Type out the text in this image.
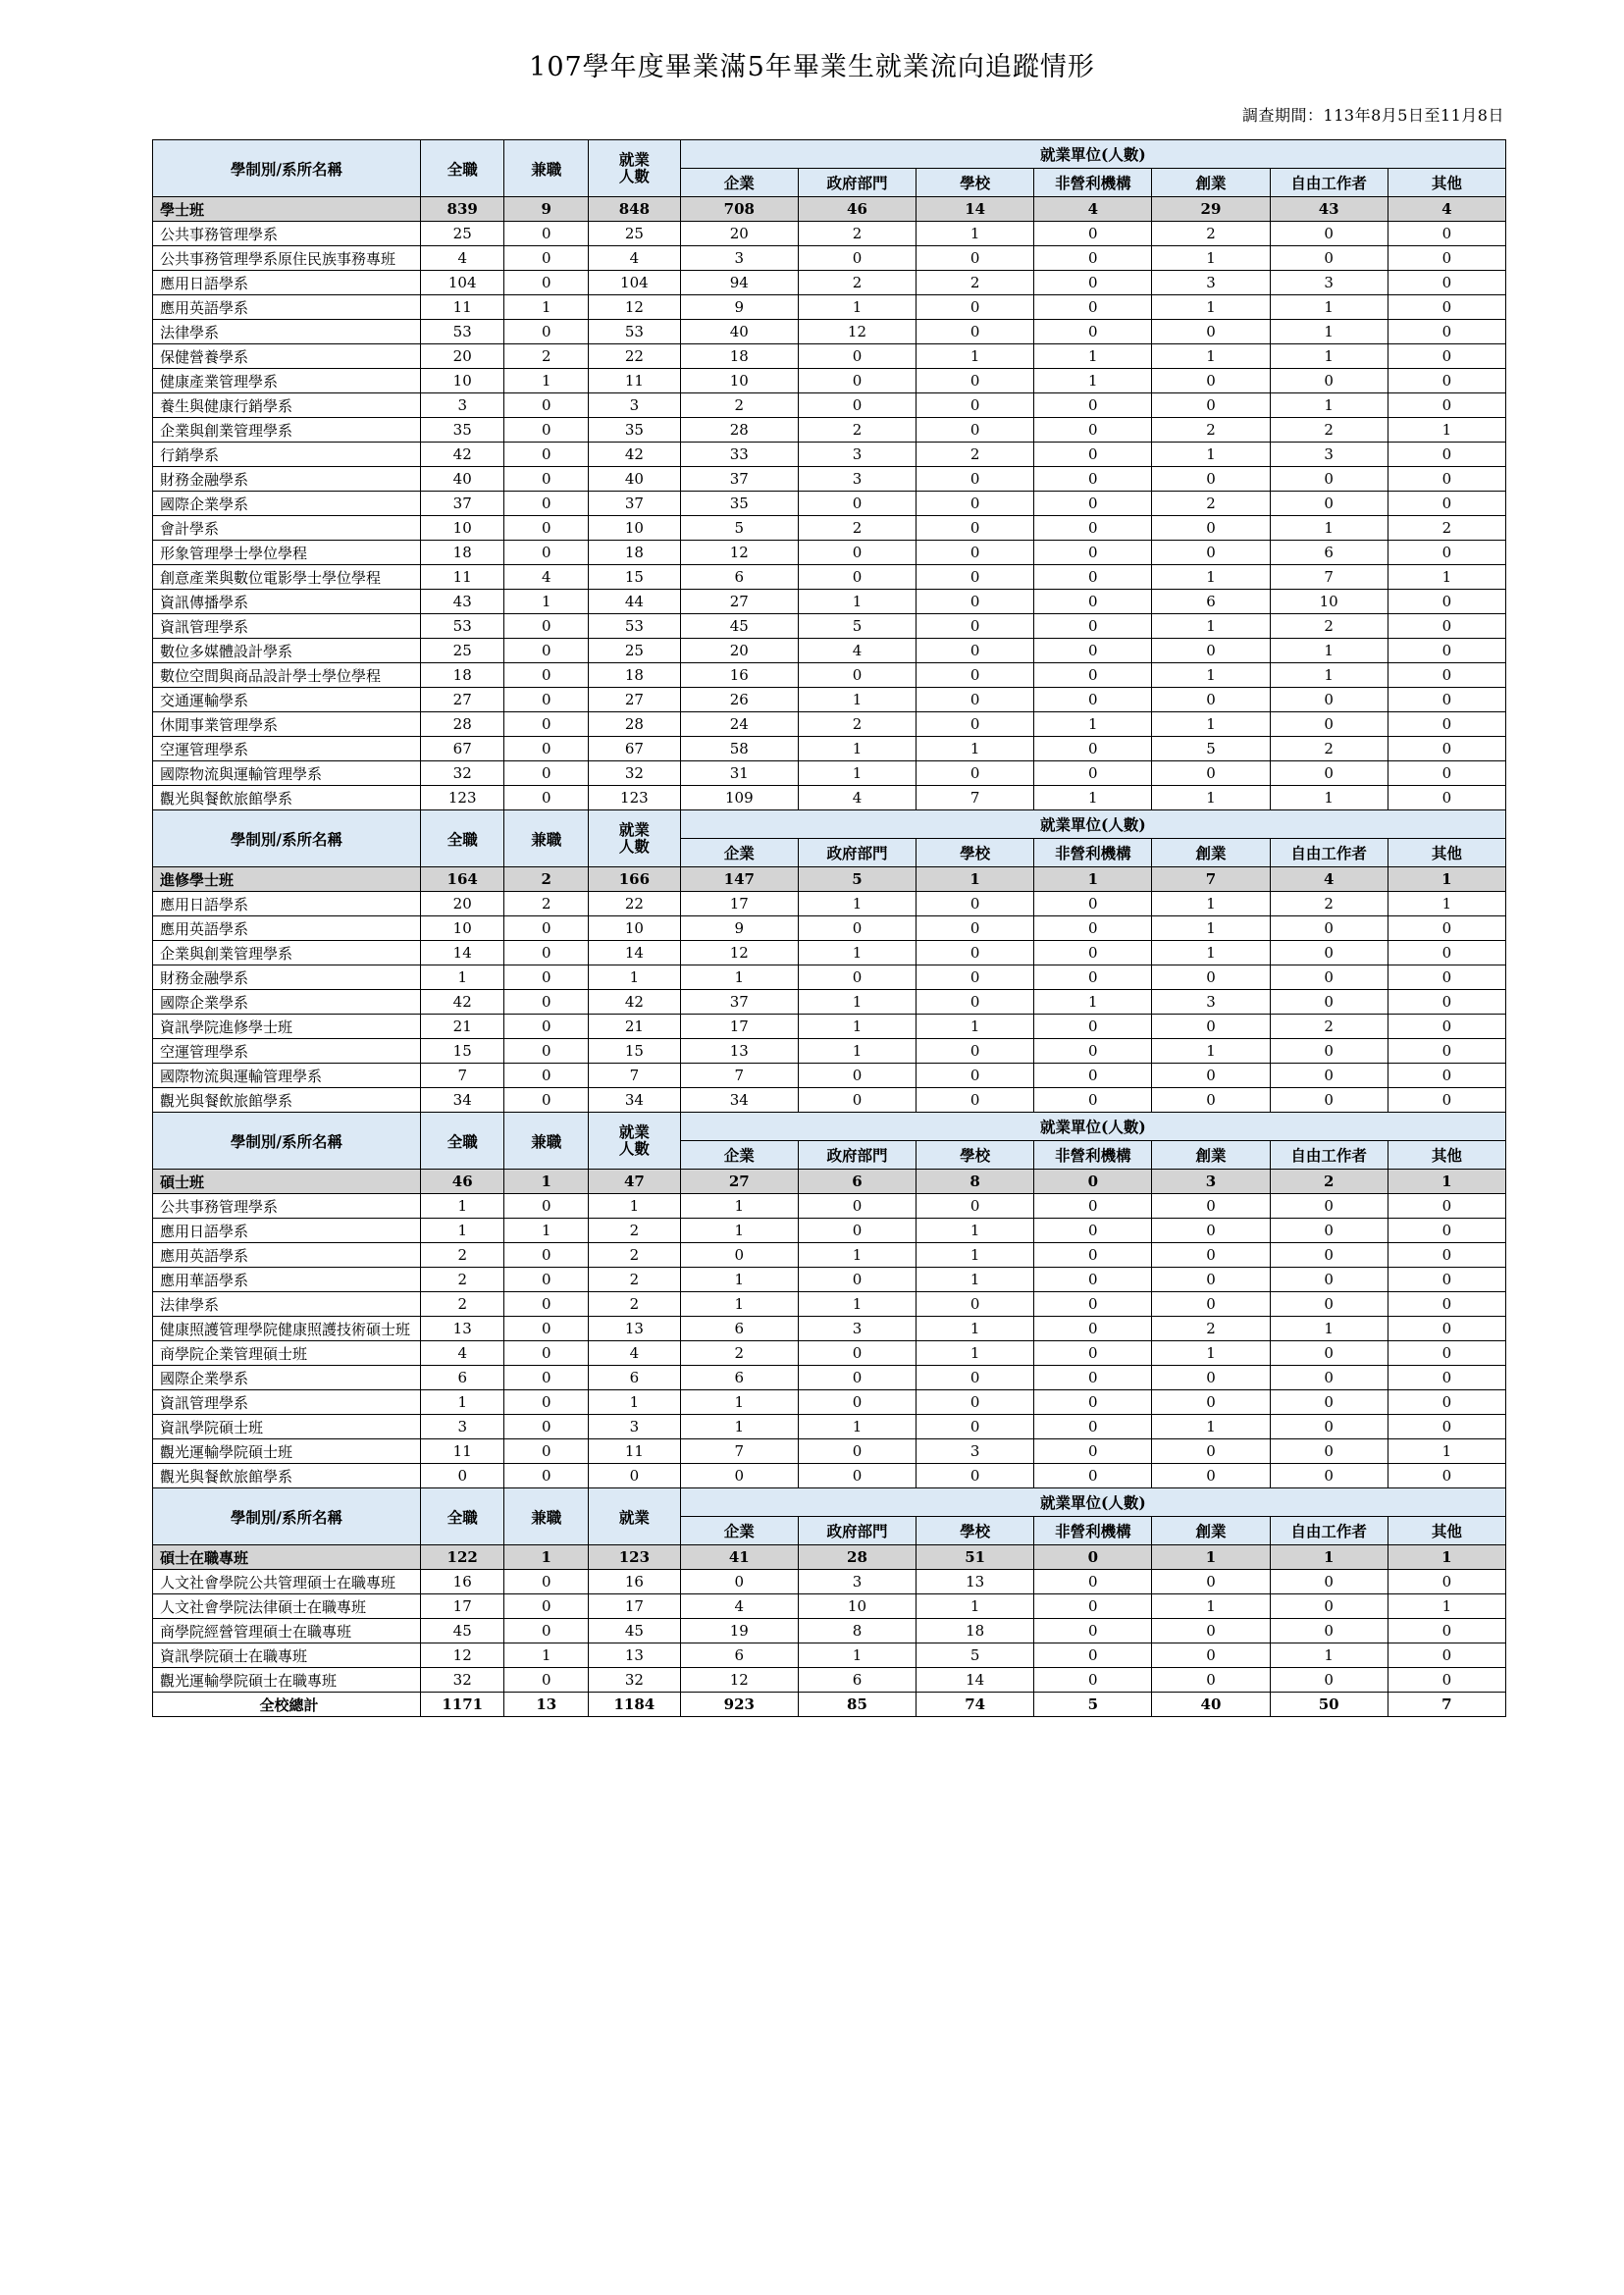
107學年度畢業滿5年畢業生就業流向追蹤情形
調查期間：113年8月5日至11月8日
學制別/系所名稱	全職	兼職	就業
人數	就業單位(人數)						
				企業	政府部門	學校	非營利機構	創業	自由工作者	其他
學士班	839	9	848	708	46	14	4	29	43	4
公共事務管理學系	25	0	25	20	2	1	0	2	0	0
公共事務管理學系原住民族事務專班	4	0	4	3	0	0	0	1	0	0
應用日語學系	104	0	104	94	2	2	0	3	3	0
應用英語學系	11	1	12	9	1	0	0	1	1	0
法律學系	53	0	53	40	12	0	0	0	1	0
保健營養學系	20	2	22	18	0	1	1	1	1	0
健康產業管理學系	10	1	11	10	0	0	1	0	0	0
養生與健康行銷學系	3	0	3	2	0	0	0	0	1	0
企業與創業管理學系	35	0	35	28	2	0	0	2	2	1
行銷學系	42	0	42	33	3	2	0	1	3	0
財務金融學系	40	0	40	37	3	0	0	0	0	0
國際企業學系	37	0	37	35	0	0	0	2	0	0
會計學系	10	0	10	5	2	0	0	0	1	2
形象管理學士學位學程	18	0	18	12	0	0	0	0	6	0
創意產業與數位電影學士學位學程	11	4	15	6	0	0	0	1	7	1
資訊傳播學系	43	1	44	27	1	0	0	6	10	0
資訊管理學系	53	0	53	45	5	0	0	1	2	0
數位多媒體設計學系	25	0	25	20	4	0	0	0	1	0
數位空間與商品設計學士學位學程	18	0	18	16	0	0	0	1	1	0
交通運輸學系	27	0	27	26	1	0	0	0	0	0
休閒事業管理學系	28	0	28	24	2	0	1	1	0	0
空運管理學系	67	0	67	58	1	1	0	5	2	0
國際物流與運輸管理學系	32	0	32	31	1	0	0	0	0	0
觀光與餐飲旅館學系	123	0	123	109	4	7	1	1	1	0
學制別/系所名稱	全職	兼職	就業
人數	就業單位(人數)						
				企業	政府部門	學校	非營利機構	創業	自由工作者	其他
進修學士班	164	2	166	147	5	1	1	7	4	1
應用日語學系	20	2	22	17	1	0	0	1	2	1
應用英語學系	10	0	10	9	0	0	0	1	0	0
企業與創業管理學系	14	0	14	12	1	0	0	1	0	0
財務金融學系	1	0	1	1	0	0	0	0	0	0
國際企業學系	42	0	42	37	1	0	1	3	0	0
資訊學院進修學士班	21	0	21	17	1	1	0	0	2	0
空運管理學系	15	0	15	13	1	0	0	1	0	0
國際物流與運輸管理學系	7	0	7	7	0	0	0	0	0	0
觀光與餐飲旅館學系	34	0	34	34	0	0	0	0	0	0
學制別/系所名稱	全職	兼職	就業
人數	就業單位(人數)						
				企業	政府部門	學校	非營利機構	創業	自由工作者	其他
碩士班	46	1	47	27	6	8	0	3	2	1
公共事務管理學系	1	0	1	1	0	0	0	0	0	0
應用日語學系	1	1	2	1	0	1	0	0	0	0
應用英語學系	2	0	2	0	1	1	0	0	0	0
應用華語學系	2	0	2	1	0	1	0	0	0	0
法律學系	2	0	2	1	1	0	0	0	0	0
健康照護管理學院健康照護技術碩士班	13	0	13	6	3	1	0	2	1	0
商學院企業管理碩士班	4	0	4	2	0	1	0	1	0	0
國際企業學系	6	0	6	6	0	0	0	0	0	0
資訊管理學系	1	0	1	1	0	0	0	0	0	0
資訊學院碩士班	3	0	3	1	1	0	0	1	0	0
觀光運輸學院碩士班	11	0	11	7	0	3	0	0	0	1
觀光與餐飲旅館學系	0	0	0	0	0	0	0	0	0	0
學制別/系所名稱	全職	兼職	就業	就業單位(人數)						
				企業	政府部門	學校	非營利機構	創業	自由工作者	其他
碩士在職專班	122	1	123	41	28	51	0	1	1	1
人文社會學院公共管理碩士在職專班	16	0	16	0	3	13	0	0	0	0
人文社會學院法律碩士在職專班	17	0	17	4	10	1	0	1	0	1
商學院經營管理碩士在職專班	45	0	45	19	8	18	0	0	0	0
資訊學院碩士在職專班	12	1	13	6	1	5	0	0	1	0
觀光運輸學院碩士在職專班	32	0	32	12	6	14	0	0	0	0
全校總計	1171	13	1184	923	85	74	5	40	50	7
